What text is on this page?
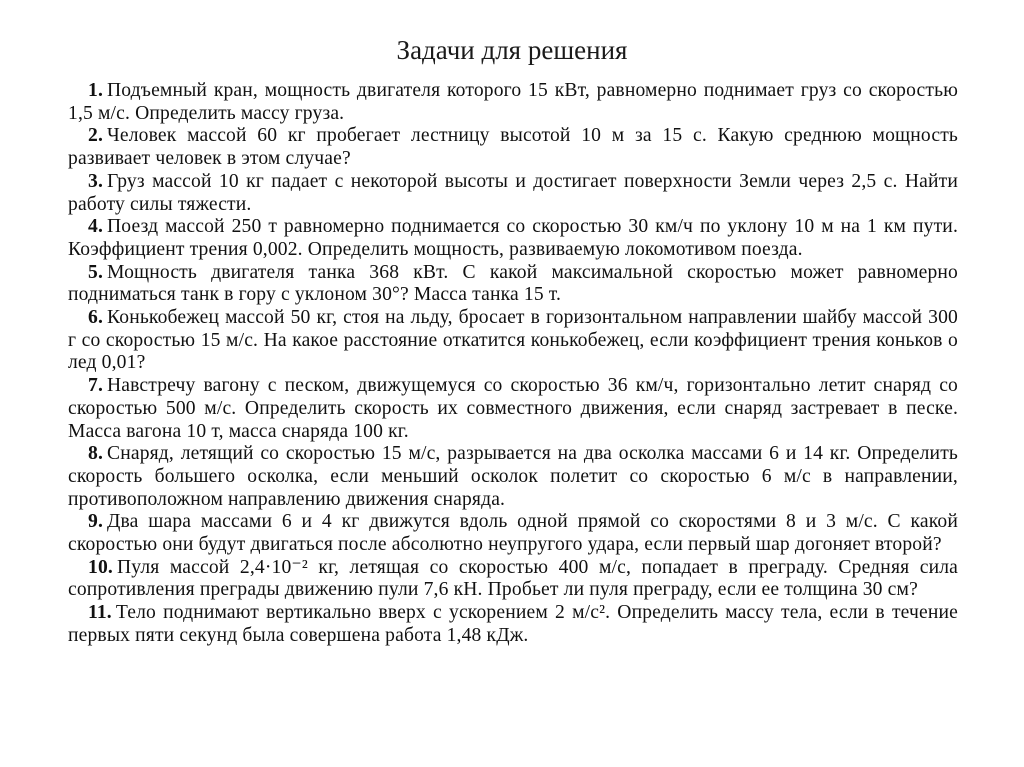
Задачи для решения

1. Подъемный кран, мощность двигателя которого 15 кВт, равномерно поднимает груз со скоростью 1,5 м/с. Определить массу груза.

2. Человек массой 60 кг пробегает лестницу высотой 10 м за 15 с. Какую среднюю мощность развивает человек в этом случае?

3. Груз массой 10 кг падает с некоторой высоты и достигает поверхности Земли через 2,5 с. Найти работу силы тяжести.

4. Поезд массой 250 т равномерно поднимается со скоростью 30 км/ч по уклону 10 м на 1 км пути. Коэффициент трения 0,002. Определить мощность, развиваемую локомотивом поезда.

5. Мощность двигателя танка 368 кВт. С какой максимальной скоростью может равномерно подниматься танк в гору с уклоном 30°? Масса танка 15 т.

6. Конькобежец массой 50 кг, стоя на льду, бросает в горизонтальном направлении шайбу массой 300 г со скоростью 15 м/с. На какое расстояние откатится конькобежец, если коэффициент трения коньков о лед 0,01?

7. Навстречу вагону с песком, движущемуся со скоростью 36 км/ч, горизонтально летит снаряд со скоростью 500 м/с. Определить скорость их совместного движения, если снаряд застревает в песке. Масса вагона 10 т, масса снаряда 100 кг.

8. Снаряд, летящий со скоростью 15 м/с, разрывается на два осколка массами 6 и 14 кг. Определить скорость большего осколка, если меньший осколок полетит со скоростью 6 м/с в направлении, противоположном направлению движения снаряда.

9. Два шара массами 6 и 4 кг движутся вдоль одной прямой со скоростями 8 и 3 м/с. С какой скоростью они будут двигаться после абсолютно неупругого удара, если первый шар догоняет второй?

10. Пуля массой 2,4·10⁻² кг, летящая со скоростью 400 м/с, попадает в преграду. Средняя сила сопротивления преграды движению пули 7,6 кН. Пробьет ли пуля преграду, если ее толщина 30 см?

11. Тело поднимают вертикально вверх с ускорением 2 м/с². Определить массу тела, если в течение первых пяти секунд была совершена работа 1,48 кДж.
